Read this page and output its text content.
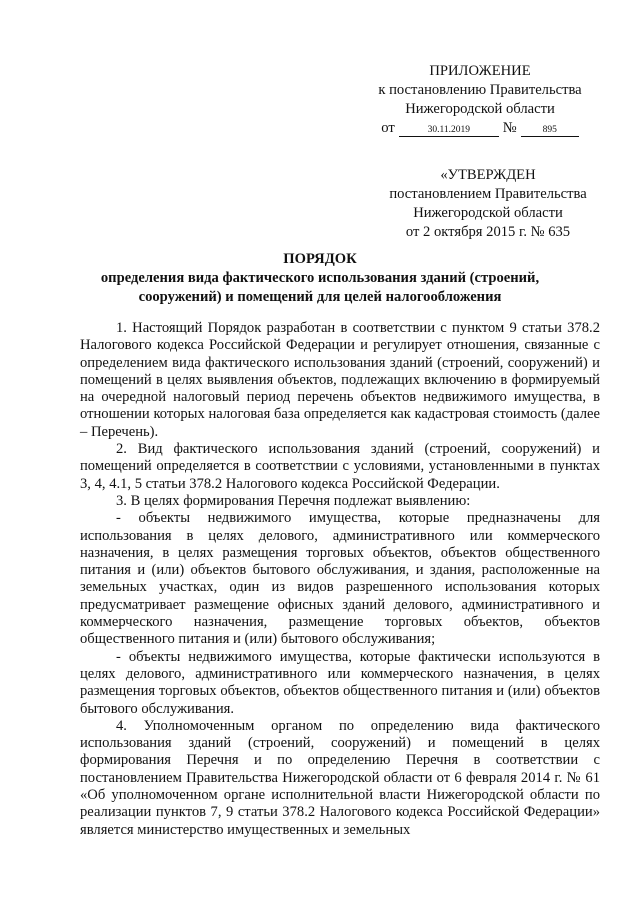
ПРИЛОЖЕНИЕ
к постановлению Правительства
Нижегородской области
от	30.11.2019	№	895
«УТВЕРЖДЕН
постановлением Правительства
Нижегородской области
от 2 октября 2015 г. № 635
ПОРЯДОК
определения вида фактического использования зданий (строений, сооружений) и помещений для целей налогообложения

1. Настоящий Порядок разработан в соответствии с пунктом 9 статьи 378.2 Налогового кодекса Российской Федерации и регулирует отношения, связанные с определением вида фактического использования зданий (строений, сооружений) и помещений в целях выявления объектов, подлежащих включению в формируемый на очередной налоговый период перечень объектов недвижимого имущества, в отношении которых налоговая база определяется как кадастровая стоимость (далее – Перечень).

2. Вид фактического использования зданий (строений, сооружений) и помещений определяется в соответствии с условиями, установленными в пунктах 3, 4, 4.1, 5 статьи 378.2 Налогового кодекса Российской Федерации.

3. В целях формирования Перечня подлежат выявлению:

- объекты недвижимого имущества, которые предназначены для использования в целях делового, административного или коммерческого назначения, в целях размещения торговых объектов, объектов общественного питания и (или) объектов бытового обслуживания, и здания, расположенные на земельных участках, один из видов разрешенного использования которых предусматривает размещение офисных зданий делового, административного и коммерческого назначения, размещение торговых объектов, объектов общественного питания и (или) бытового обслуживания;

- объекты недвижимого имущества, которые фактически используются в целях делового, административного или коммерческого назначения, в целях размещения торговых объектов, объектов общественного питания и (или) объектов бытового обслуживания.

4. Уполномоченным органом по определению вида фактического использования зданий (строений, сооружений) и помещений в целях формирования Перечня и по определению Перечня в соответствии с постановлением Правительства Нижегородской области от 6 февраля 2014 г. № 61 «Об уполномоченном органе исполнительной власти Нижегородской области по реализации пунктов 7, 9 статьи 378.2 Налогового кодекса Российской Федерации» является министерство имущественных и земельных
